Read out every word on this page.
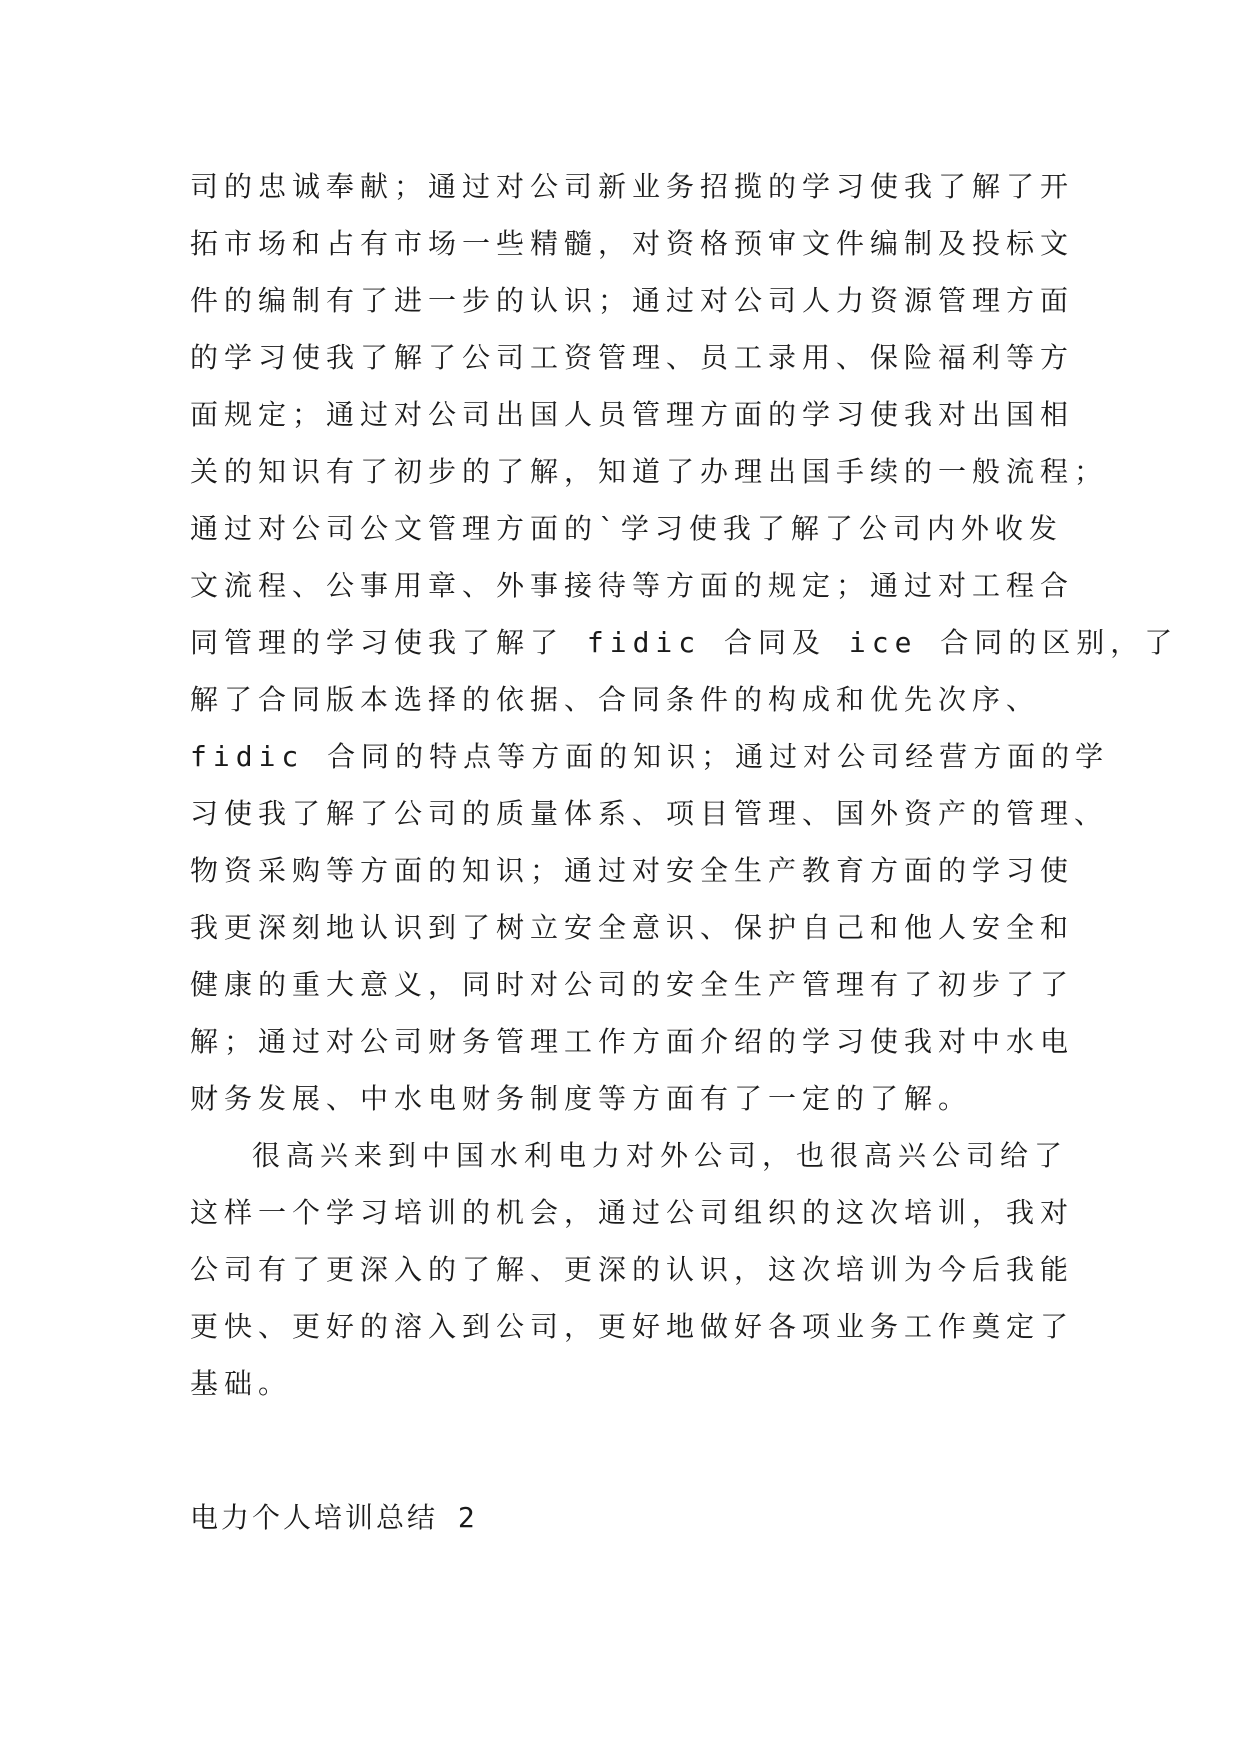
司的忠诚奉献；通过对公司新业务招揽的学习使我了解了开
拓市场和占有市场一些精髓，对资格预审文件编制及投标文
件的编制有了进一步的认识；通过对公司人力资源管理方面
的学习使我了解了公司工资管理、员工录用、保险福利等方
面规定；通过对公司出国人员管理方面的学习使我对出国相
关的知识有了初步的了解，知道了办理出国手续的一般流程；
通过对公司公文管理方面的`学习使我了解了公司内外收发
文流程、公事用章、外事接待等方面的规定；通过对工程合
同管理的学习使我了解了 fidic 合同及 ice 合同的区别，了
解了合同版本选择的依据、合同条件的构成和优先次序、
fidic 合同的特点等方面的知识；通过对公司经营方面的学
习使我了解了公司的质量体系、项目管理、国外资产的管理、
物资采购等方面的知识；通过对安全生产教育方面的学习使
我更深刻地认识到了树立安全意识、保护自己和他人安全和
健康的重大意义，同时对公司的安全生产管理有了初步了了
解；通过对公司财务管理工作方面介绍的学习使我对中水电
财务发展、中水电财务制度等方面有了一定的了解。
很高兴来到中国水利电力对外公司，也很高兴公司给了
这样一个学习培训的机会，通过公司组织的这次培训，我对
公司有了更深入的了解、更深的认识，这次培训为今后我能
更快、更好的溶入到公司，更好地做好各项业务工作奠定了
基础。
电力个人培训总结 2
